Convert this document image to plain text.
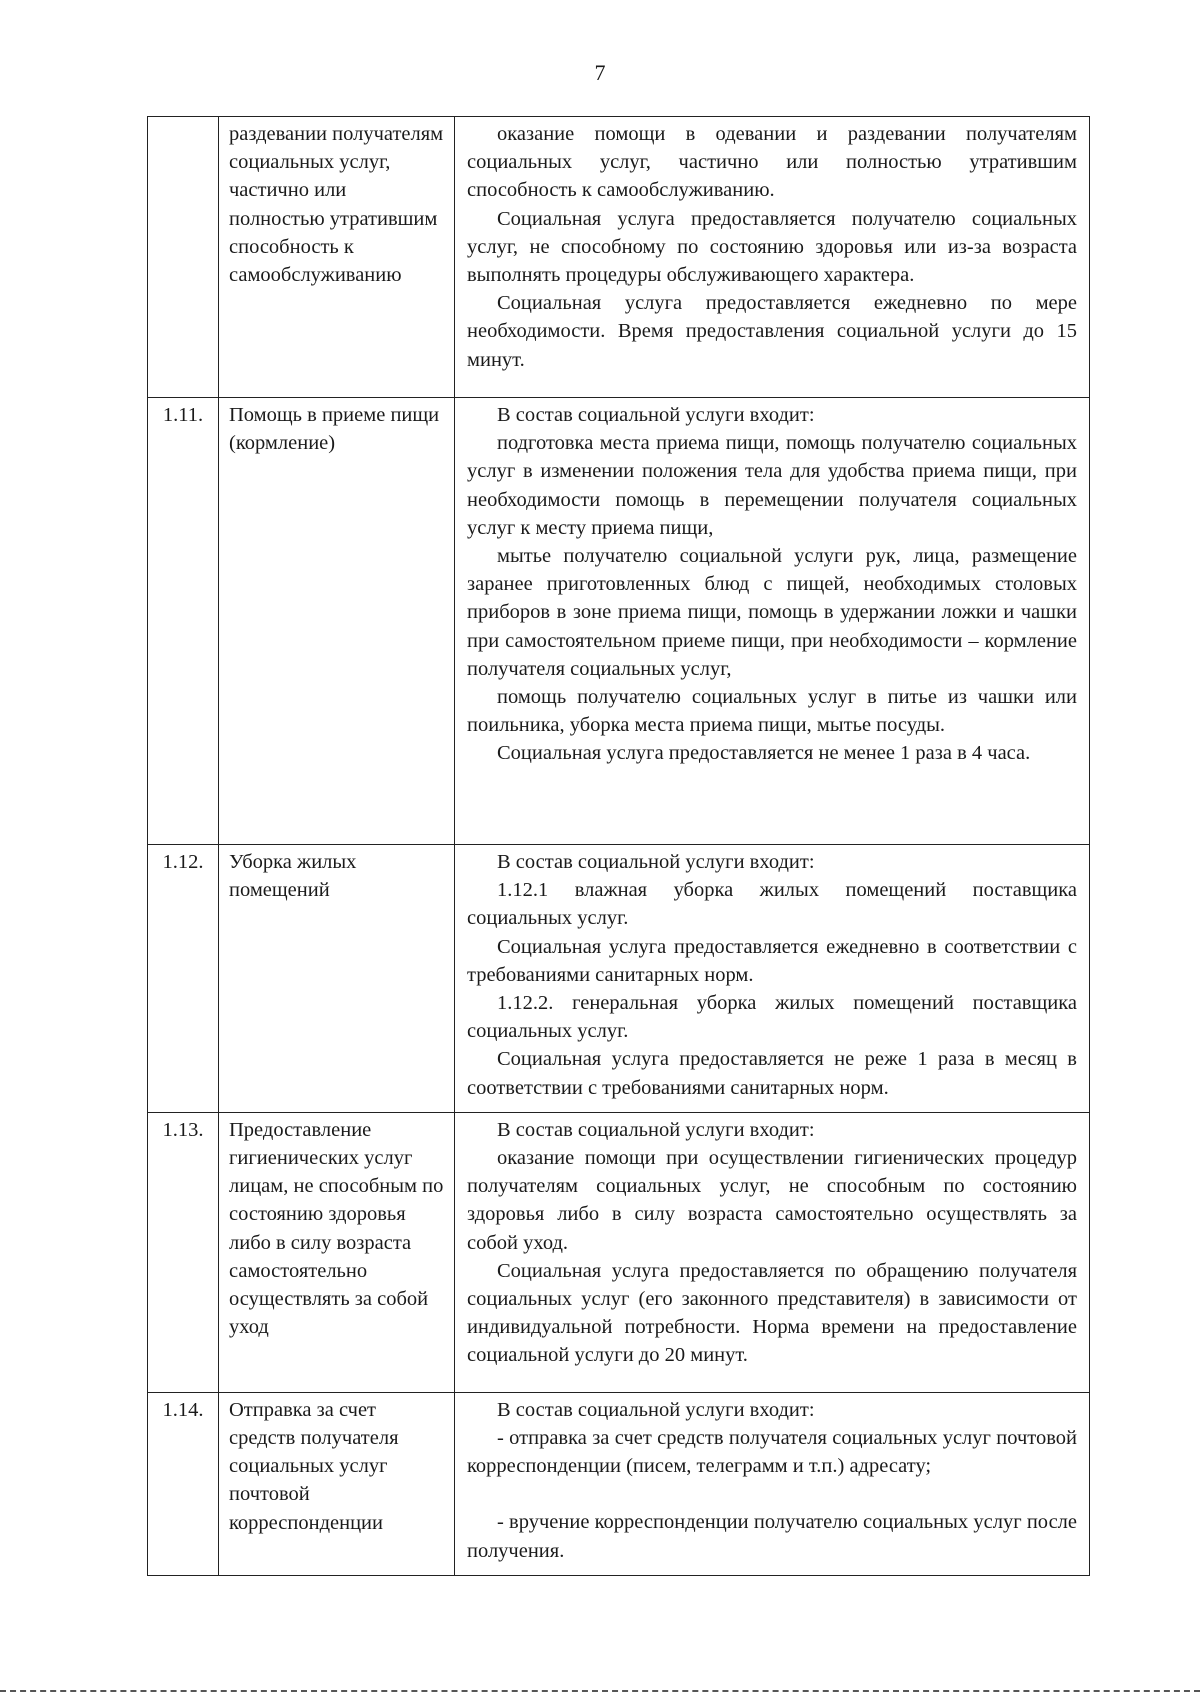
7
	раздевании получателям социальных услуг, частично или полностью утратившим способность к самообслуживанию	оказание помощи в одевании и раздевании получателям социальных услуг, частично или полностью утратившим способность к самообслуживанию.

Социальная услуга предоставляется получателю социальных услуг, не способному по состоянию здоровья или из-за возраста выполнять процедуры обслуживающего характера.

Социальная услуга предоставляется ежедневно по мере необходимости. Время предоставления социальной услуги до 15 минут.

1.11.	Помощь в приеме пищи (кормление)	В состав социальной услуги входит:

подготовка места приема пищи, помощь получателю социальных услуг в изменении положения тела для удобства приема пищи, при необходимости помощь в перемещении получателя социальных услуг к месту приема пищи,

мытье получателю социальной услуги рук, лица, размещение заранее приготовленных блюд с пищей, необходимых столовых приборов в зоне приема пищи, помощь в удержании ложки и чашки при самостоятельном приеме пищи, при необходимости – кормление получателя социальных услуг,

помощь получателю социальных услуг в питье из чашки или поильника, уборка места приема пищи, мытье посуды.

Социальная услуга предоставляется не менее 1 раза в 4 часа.

1.12.	Уборка жилых помещений	В состав социальной услуги входит:

1.12.1 влажная уборка жилых помещений поставщика социальных услуг.

Социальная услуга предоставляется ежедневно в соответствии с требованиями санитарных норм.

1.12.2. генеральная уборка жилых помещений поставщика социальных услуг.

Социальная услуга предоставляется не реже 1 раза в месяц в соответствии с требованиями санитарных норм.

1.13.	Предоставление гигиенических услуг лицам, не способным по состоянию здоровья либо в силу возраста самостоятельно осуществлять за собой уход	В состав социальной услуги входит:

оказание помощи при осуществлении гигиенических процедур получателям социальных услуг, не способным по состоянию здоровья либо в силу возраста самостоятельно осуществлять за собой уход.

Социальная услуга предоставляется по обращению получателя социальных услуг (его законного представителя) в зависимости от индивидуальной потребности. Норма времени на предоставление социальной услуги до 20 минут.

1.14.	Отправка за счет средств получателя социальных услуг почтовой корреспонденции	В состав социальной услуги входит:

- отправка за счет средств получателя социальных услуг почтовой корреспонденции (писем, телеграмм и т.п.) адресату;

- вручение корреспонденции получателю социальных услуг после получения.
